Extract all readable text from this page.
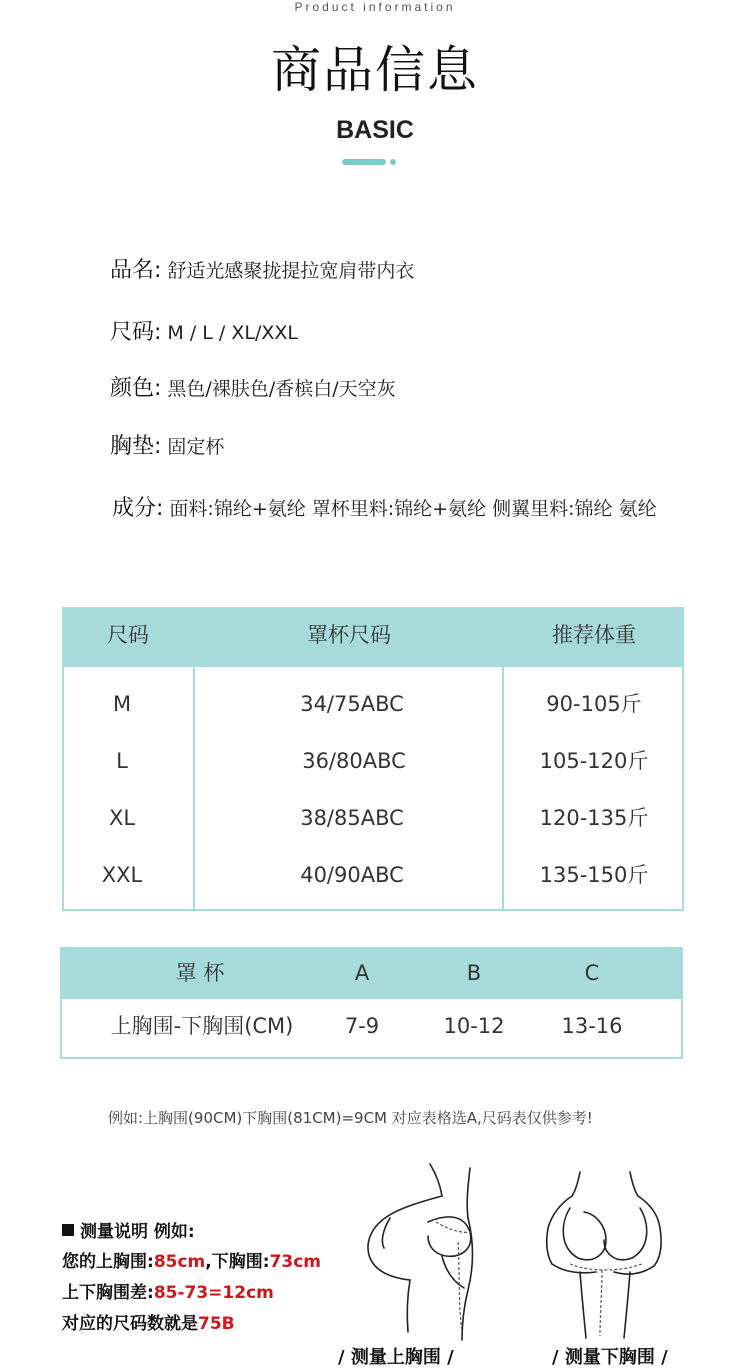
Product information
商品信息
BASIC
品名: 舒适光感聚拢提拉宽肩带内衣
尺码: M / L / XL/XXL
颜色: 黑色/裸肤色/香槟白/天空灰
胸垫: 固定杯
成分: 面料:锦纶+氨纶 罩杯里料:锦纶+氨纶 侧翼里料:锦纶 氨纶
尺码	罩杯尺码	推荐体重
M	34/75ABC	90-105斤
L	36/80ABC	105-120斤
XL	38/85ABC	120-135斤
XXL	40/90ABC	135-150斤
罩 杯	A	B	C
上胸围-下胸围(CM)	7-9	10-12	13-16
例如:上胸围(90CM)下胸围(81CM)=9CM 对应表格选A,尺码表仅供参考!
测量说明 例如:
您的上胸围:85cm,下胸围:73cm
上下胸围差:85-73=12cm
对应的尺码数就是75B
/ 测量上胸围 /	/ 测量下胸围 /
